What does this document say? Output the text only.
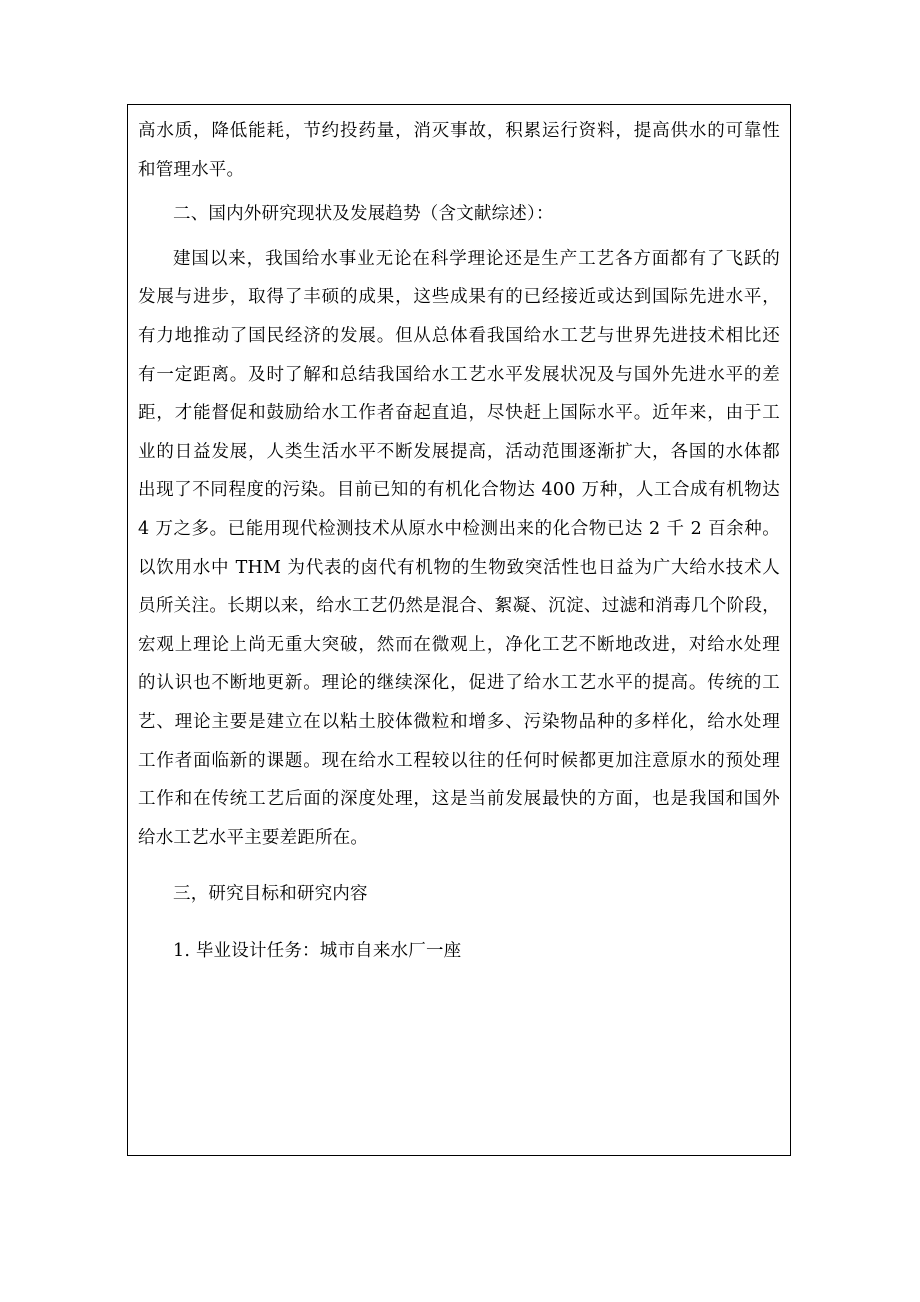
高水质，降低能耗，节约投药量，消灭事故，积累运行资料，提高供水的可靠性
和管理水平。
二、国内外研究现状及发展趋势（含文献综述）：
建国以来，我国给水事业无论在科学理论还是生产工艺各方面都有了飞跃的
发展与进步，取得了丰硕的成果，这些成果有的已经接近或达到国际先进水平，
有力地推动了国民经济的发展。但从总体看我国给水工艺与世界先进技术相比还
有一定距离。及时了解和总结我国给水工艺水平发展状况及与国外先进水平的差
距，才能督促和鼓励给水工作者奋起直追，尽快赶上国际水平。近年来，由于工
业的日益发展，人类生活水平不断发展提高，活动范围逐渐扩大，各国的水体都
出现了不同程度的污染。目前已知的有机化合物达 400 万种，人工合成有机物达
4 万之多。已能用现代检测技术从原水中检测出来的化合物已达 2 千 2 百余种。
以饮用水中 THM 为代表的卤代有机物的生物致突活性也日益为广大给水技术人
员所关注。长期以来，给水工艺仍然是混合、絮凝、沉淀、过滤和消毒几个阶段，
宏观上理论上尚无重大突破，然而在微观上，净化工艺不断地改进，对给水处理
的认识也不断地更新。理论的继续深化，促进了给水工艺水平的提高。传统的工
艺、理论主要是建立在以粘土胶体微粒和增多、污染物品种的多样化，给水处理
工作者面临新的课题。现在给水工程较以往的任何时候都更加注意原水的预处理
工作和在传统工艺后面的深度处理，这是当前发展最快的方面，也是我国和国外
给水工艺水平主要差距所在。
三，研究目标和研究内容
1. 毕业设计任务：城市自来水厂一座
